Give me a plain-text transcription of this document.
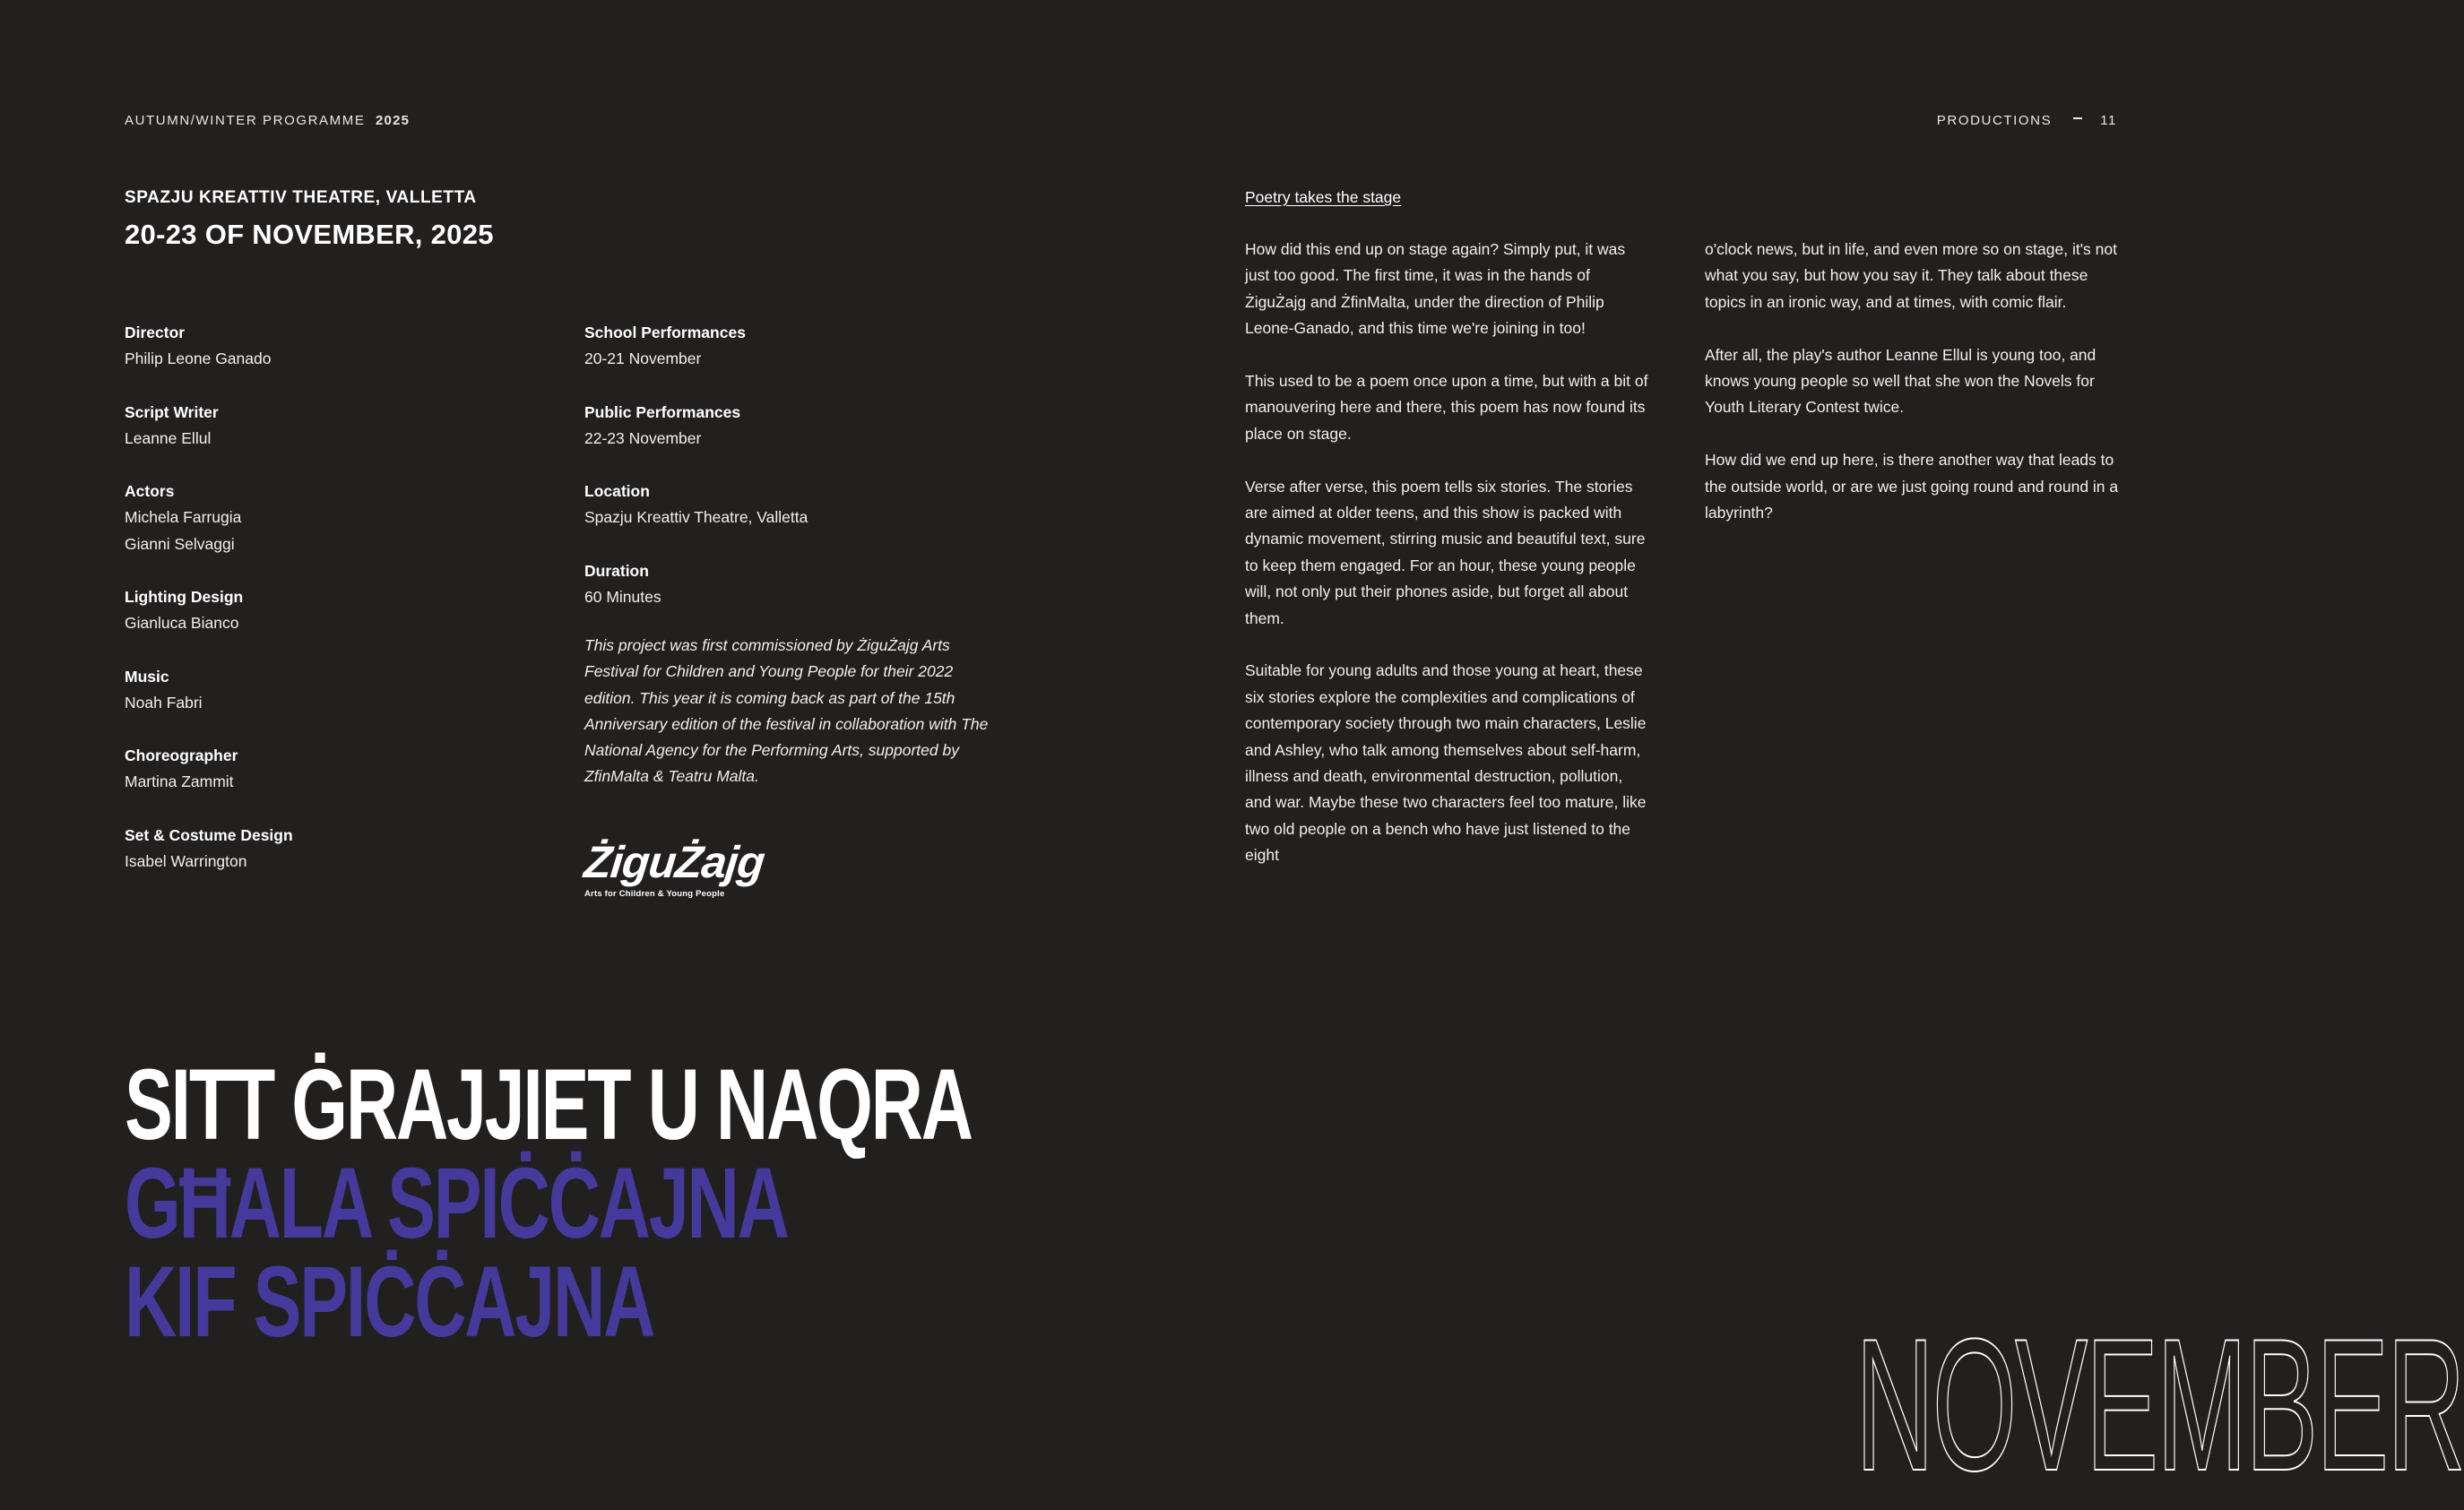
AUTUMN/WINTER PROGRAMME 2025	PRODUCTIONS	11
SPAZJU KREATTIV THEATRE, VALLETTA
20-23 OF NOVEMBER, 2025
Director
Philip Leone Ganado
Script Writer
Leanne Ellul
Actors
Michela Farrugia
Gianni Selvaggi
Lighting Design
Gianluca Bianco
Music
Noah Fabri
Choreographer
Martina Zammit
Set & Costume Design
Isabel Warrington
School Performances
20-21 November
Public Performances
22-23 November
Location
Spazju Kreattiv Theatre, Valletta
Duration
60 Minutes
This project was first commissioned by ŻiguŻajg Arts Festival for Children and Young People for their 2022 edition. This year it is coming back as part of the 15th Anniversary edition of the festival in collaboration with The National Agency for the Performing Arts, supported by ZfinMalta & Teatru Malta.
ŻiguŻajg
Arts for Children & Young People
Poetry takes the stage

How did this end up on stage again? Simply put, it was just too good. The first time, it was in the hands of ŻiguŻajg and ŻfinMalta, under the direction of Philip Leone-Ganado, and this time we're joining in too!

This used to be a poem once upon a time, but with a bit of manouvering here and there, this poem has now found its place on stage.

Verse after verse, this poem tells six stories. The stories are aimed at older teens, and this show is packed with dynamic movement, stirring music and beautiful text, sure to keep them engaged. For an hour, these young people will, not only put their phones aside, but forget all about them.

Suitable for young adults and those young at heart, these six stories explore the complexities and complications of contemporary society through two main characters, Leslie and Ashley, who talk among themselves about self-harm, illness and death, environmental destruction, pollution, and war. Maybe these two characters feel too mature, like two old people on a bench who have just listened to the eight

o'clock news, but in life, and even more so on stage, it's not what you say, but how you say it. They talk about these topics in an ironic way, and at times, with comic flair.

After all, the play's author Leanne Ellul is young too, and knows young people so well that she won the Novels for Youth Literary Contest twice.

How did we end up here, is there another way that leads to the outside world, or are we just going round and round in a labyrinth?

SITT ĠRAJJIET U NAQRA
GĦALA SPIĊĊAJNA
KIF SPIĊĊAJNA	NOVEMBER
